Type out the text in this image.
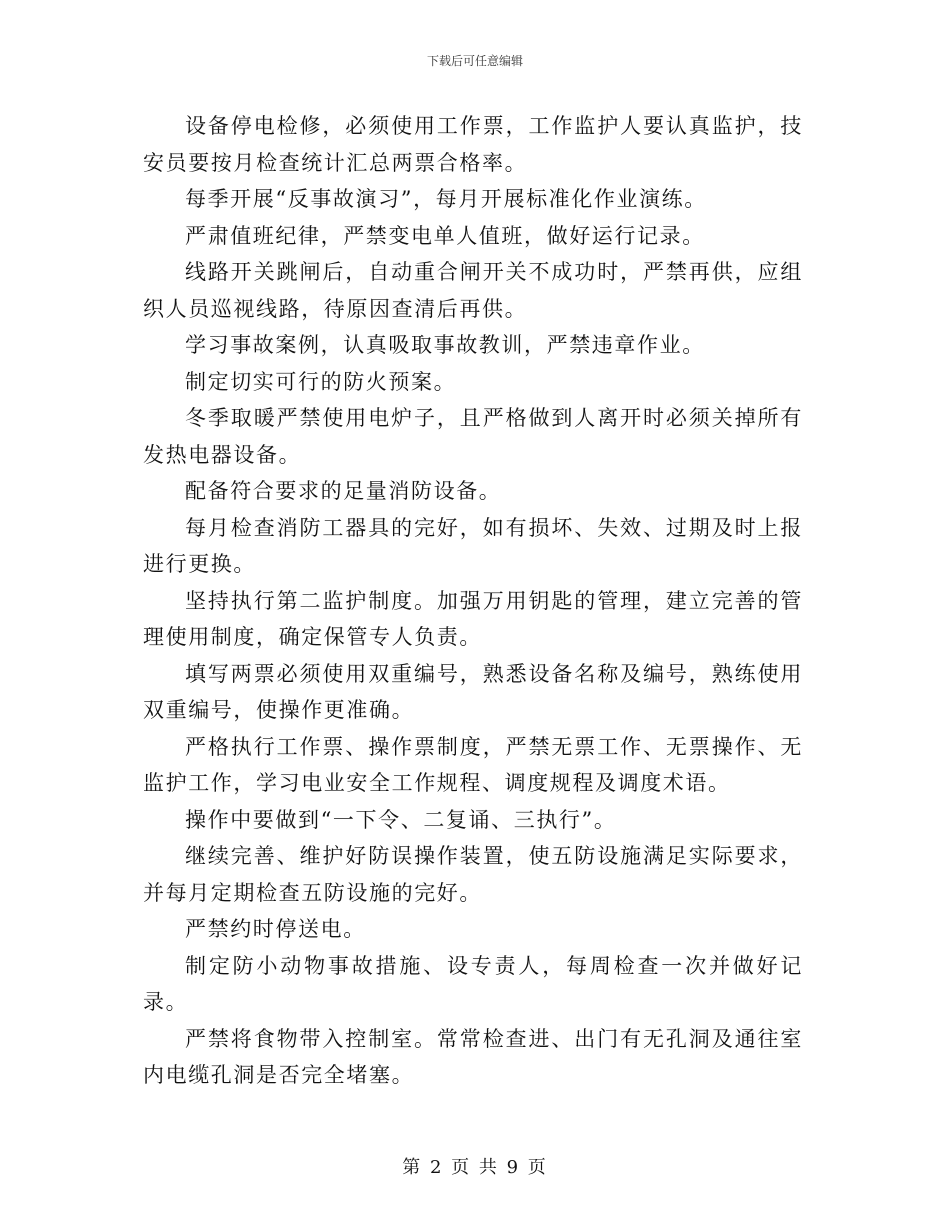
下载后可任意编辑

设备停电检修，必须使用工作票，工作监护人要认真监护，技安员要按月检查统计汇总两票合格率。

每季开展“反事故演习”，每月开展标准化作业演练。

严肃值班纪律，严禁变电单人值班，做好运行记录。

线路开关跳闸后，自动重合闸开关不成功时，严禁再供，应组织人员巡视线路，待原因查清后再供。

学习事故案例，认真吸取事故教训，严禁违章作业。

制定切实可行的防火预案。

冬季取暖严禁使用电炉子，且严格做到人离开时必须关掉所有发热电器设备。

配备符合要求的足量消防设备。

每月检查消防工器具的完好，如有损坏、失效、过期及时上报进行更换。

坚持执行第二监护制度。加强万用钥匙的管理，建立完善的管理使用制度，确定保管专人负责。

填写两票必须使用双重编号，熟悉设备名称及编号，熟练使用双重编号，使操作更准确。

严格执行工作票、操作票制度，严禁无票工作、无票操作、无监护工作，学习电业安全工作规程、调度规程及调度术语。

操作中要做到“一下令、二复诵、三执行”。

继续完善、维护好防误操作装置，使五防设施满足实际要求，并每月定期检查五防设施的完好。

严禁约时停送电。

制定防小动物事故措施、设专责人，每周检查一次并做好记录。

严禁将食物带入控制室。常常检查进、出门有无孔洞及通往室内电缆孔洞是否完全堵塞。

第 2 页 共 9 页
